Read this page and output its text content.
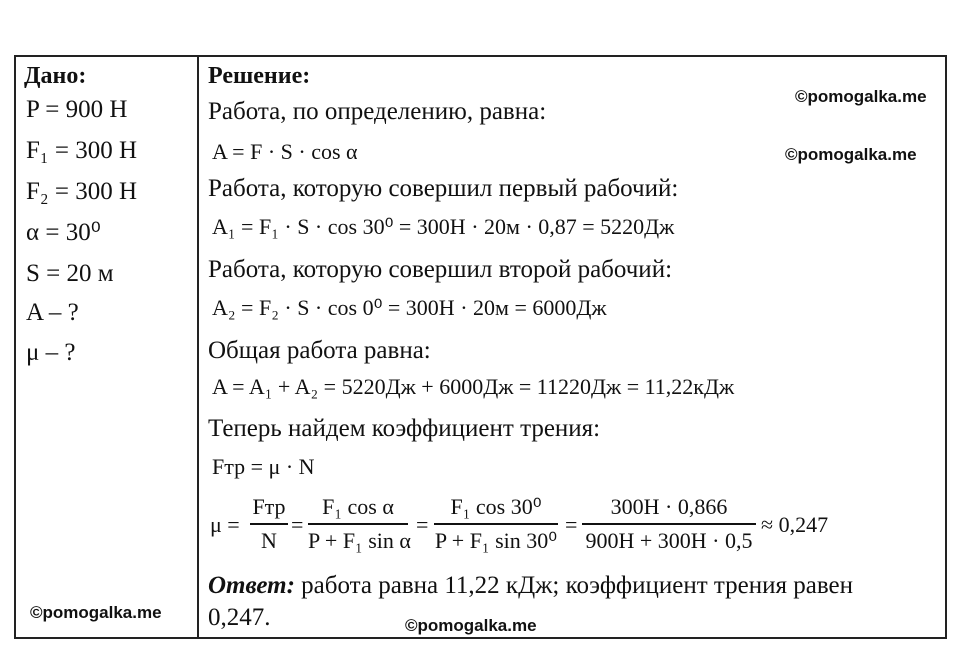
Дано:
P = 900 Н
F₁ = 300 Н
F₂ = 300 Н
α = 30⁰
S = 20 м
A – ?
μ – ?
Решение:
Работа, по определению, равна:
A = F · S · cos α
Работа, которую совершил первый рабочий:
A₁ = F₁ · S · cos 30⁰ = 300H · 20м · 0,87 = 5220Дж
Работа, которую совершил второй рабочий:
A₂ = F₂ · S · cos 0⁰ = 300H · 20м = 6000Дж
Общая работа равна:
A = A₁ + A₂ = 5220Дж + 6000Дж = 11220Дж = 11,22кДж
Теперь найдем коэффициент трения:
Fтр = μ · N
μ =
Fтр
N
=
F₁ cos α
P + F₁ sin α
=
F₁ cos 30⁰
P + F₁ sin 30⁰
=
300H · 0,866
900H + 300H · 0,5
≈ 0,247
Ответ: работа равна 11,22 кДж; коэффициент трения равен
0,247.
©pomogalka.me
©pomogalka.me
©pomogalka.me
©pomogalka.me
